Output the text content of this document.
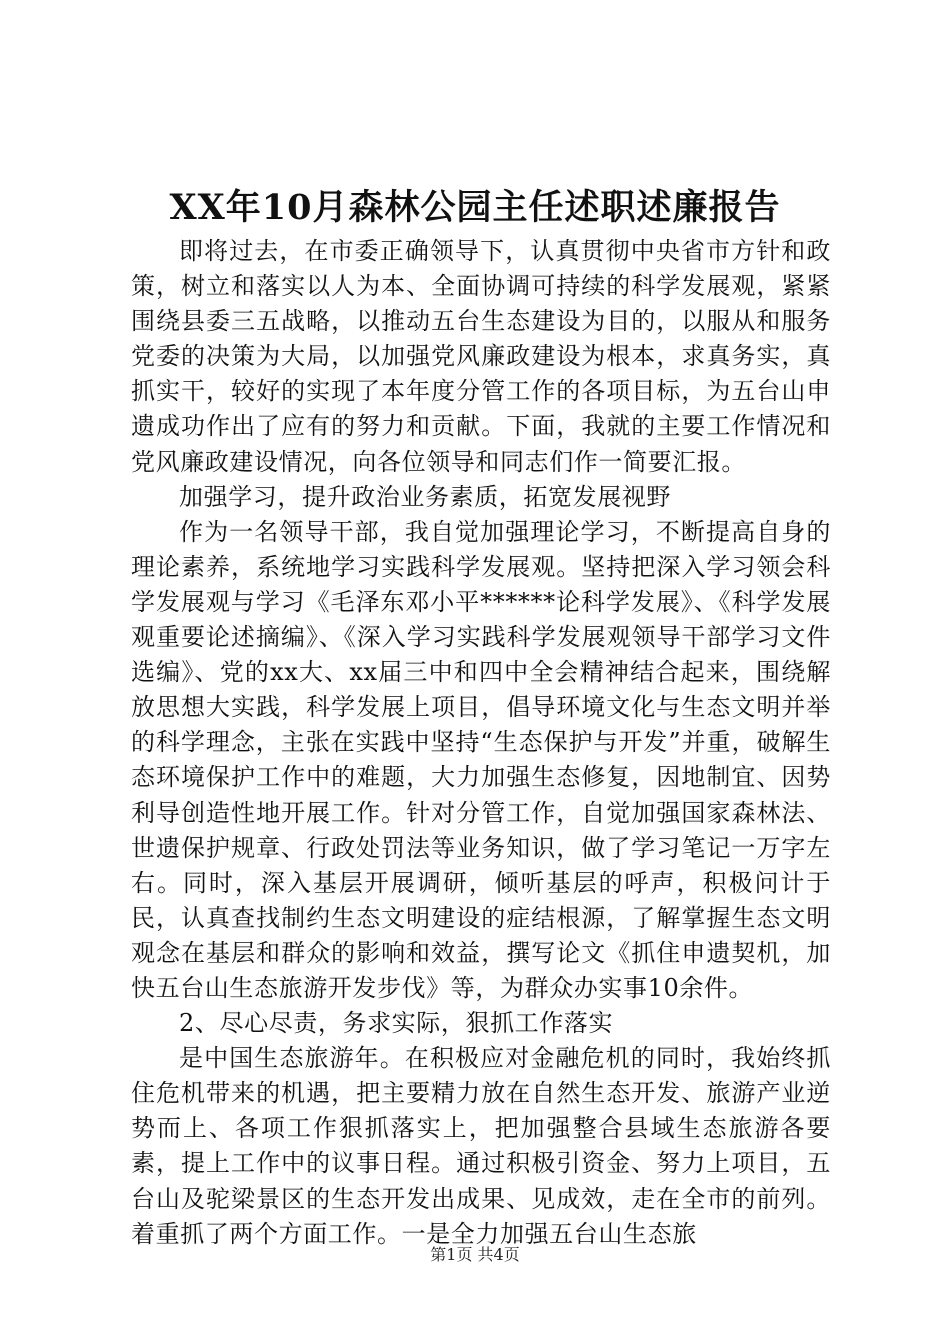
XX年10月森林公园主任述职述廉报告

即将过去，在市委正确领导下，认真贯彻中央省市方针和政策，树立和落实以人为本、全面协调可持续的科学发展观，紧紧围绕县委三五战略，以推动五台生态建设为目的，以服从和服务党委的决策为大局，以加强党风廉政建设为根本，求真务实，真抓实干，较好的实现了本年度分管工作的各项目标，为五台山申遗成功作出了应有的努力和贡献。下面，我就的主要工作情况和党风廉政建设情况，向各位领导和同志们作一简要汇报。

加强学习，提升政治业务素质，拓宽发展视野

作为一名领导干部，我自觉加强理论学习，不断提高自身的理论素养，系统地学习实践科学发展观。坚持把深入学习领会科学发展观与学习《毛泽东邓小平******论科学发展》、《科学发展观重要论述摘编》、《深入学习实践科学发展观领导干部学习文件选编》、党的xx大、xx届三中和四中全会精神结合起来，围绕解放思想大实践，科学发展上项目，倡导环境文化与生态文明并举的科学理念，主张在实践中坚持“生态保护与开发”并重，破解生态环境保护工作中的难题，大力加强生态修复，因地制宜、因势利导创造性地开展工作。针对分管工作，自觉加强国家森林法、世遗保护规章、行政处罚法等业务知识，做了学习笔记一万字左右。同时，深入基层开展调研，倾听基层的呼声，积极问计于民，认真查找制约生态文明建设的症结根源，了解掌握生态文明观念在基层和群众的影响和效益，撰写论文《抓住申遗契机，加快五台山生态旅游开发步伐》等，为群众办实事10余件。

2、尽心尽责，务求实际，狠抓工作落实

是中国生态旅游年。在积极应对金融危机的同时，我始终抓住危机带来的机遇，把主要精力放在自然生态开发、旅游产业逆势而上、各项工作狠抓落实上，把加强整合县域生态旅游各要素，提上工作中的议事日程。通过积极引资金、努力上项目，五台山及驼梁景区的生态开发出成果、见成效，走在全市的前列。着重抓了两个方面工作。一是全力加强五台山生态旅

第1页 共4页
